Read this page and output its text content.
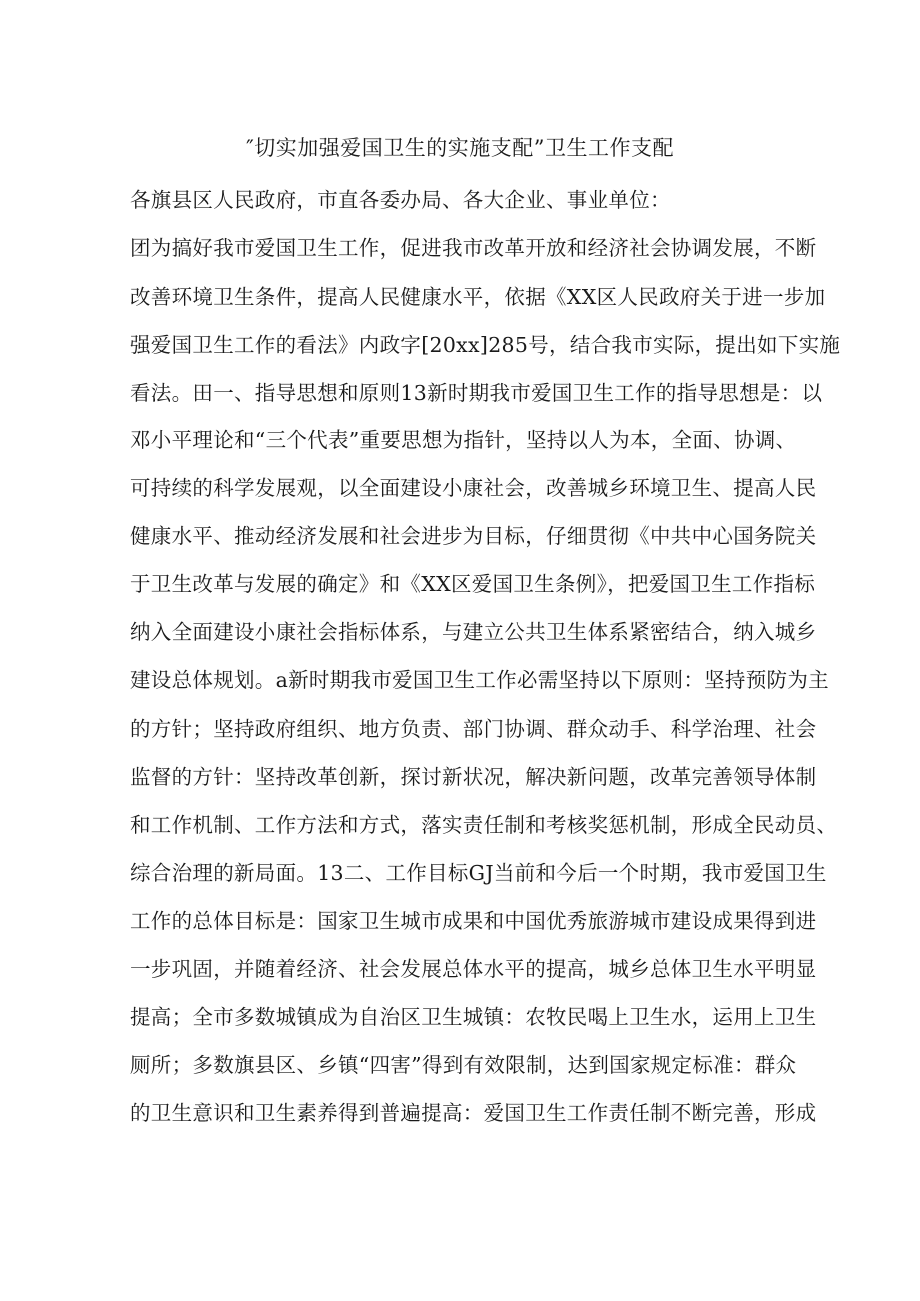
″切实加强爱国卫生的实施支配”卫生工作支配
各旗县区人民政府，市直各委办局、各大企业、事业单位：
团为搞好我市爱国卫生工作，促进我市改革开放和经济社会协调发展，不断
改善环境卫生条件，提高人民健康水平，依据《XX区人民政府关于进一步加
强爱国卫生工作的看法》内政字[20xx]285号，结合我市实际，提出如下实施
看法。田一、指导思想和原则13新时期我市爱国卫生工作的指导思想是：以
邓小平理论和“三个代表”重要思想为指针，坚持以人为本，全面、协调、
可持续的科学发展观，以全面建设小康社会，改善城乡环境卫生、提高人民
健康水平、推动经济发展和社会进步为目标，仔细贯彻《中共中心国务院关
于卫生改革与发展的确定》和《XX区爱国卫生条例》，把爱国卫生工作指标
纳入全面建设小康社会指标体系，与建立公共卫生体系紧密结合，纳入城乡
建设总体规划。a新时期我市爱国卫生工作必需坚持以下原则：坚持预防为主
的方针；坚持政府组织、地方负责、部门协调、群众动手、科学治理、社会
监督的方针：坚持改革创新，探讨新状况，解决新问题，改革完善领导体制
和工作机制、工作方法和方式，落实责任制和考核奖惩机制，形成全民动员、
综合治理的新局面。13二、工作目标GJ当前和今后一个时期，我市爱国卫生
工作的总体目标是：国家卫生城市成果和中国优秀旅游城市建设成果得到进
一步巩固，并随着经济、社会发展总体水平的提高，城乡总体卫生水平明显
提高；全市多数城镇成为自治区卫生城镇：农牧民喝上卫生水，运用上卫生
厕所；多数旗县区、乡镇“四害”得到有效限制，达到国家规定标准：群众
的卫生意识和卫生素养得到普遍提高：爱国卫生工作责任制不断完善，形成
